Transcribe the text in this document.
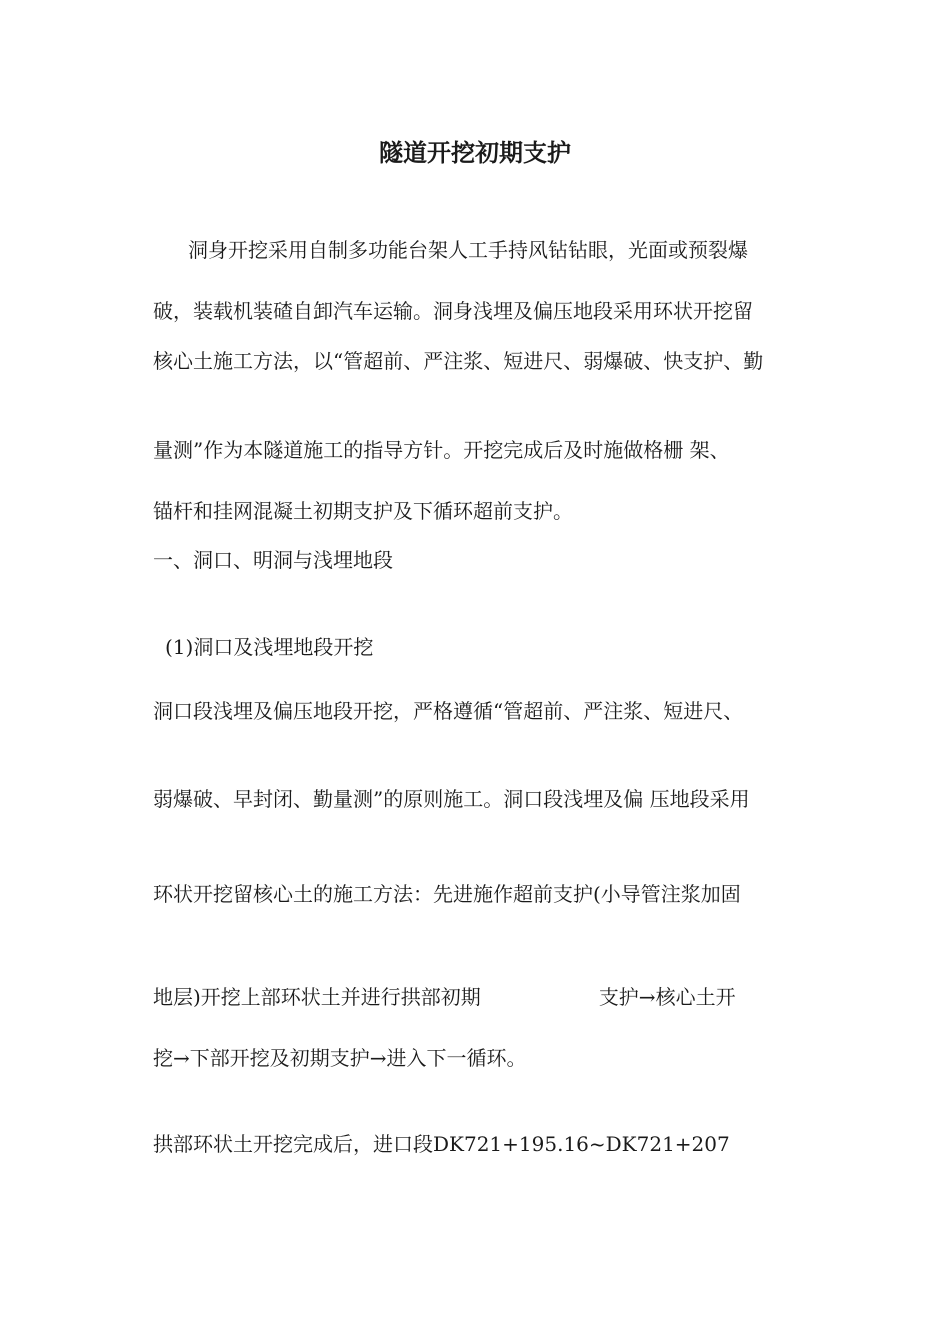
隧道开挖初期支护
洞身开挖采用自制多功能台架人工手持风钻钻眼，光面或预裂爆
破，装载机装碴自卸汽车运输。洞身浅埋及偏压地段采用环状开挖留
核心土施工方法，以“管超前、严注浆、短进尺、弱爆破、快支护、勤
量测”作为本隧道施工的指导方针。开挖完成后及时施做格栅 架、
锚杆和挂网混凝土初期支护及下循环超前支护。
一、洞口、明洞与浅埋地段
(1)洞口及浅埋地段开挖
洞口段浅埋及偏压地段开挖，严格遵循“管超前、严注浆、短进尺、
弱爆破、早封闭、勤量测”的原则施工。洞口段浅埋及偏 压地段采用
环状开挖留核心土的施工方法：先进施作超前支护(小导管注浆加固
地层)开挖上部环状土并进行拱部初期	支护→核心土开
挖→下部开挖及初期支护→进入下一循环。
拱部环状土开挖完成后，进口段DK721+195.16~DK721+207
